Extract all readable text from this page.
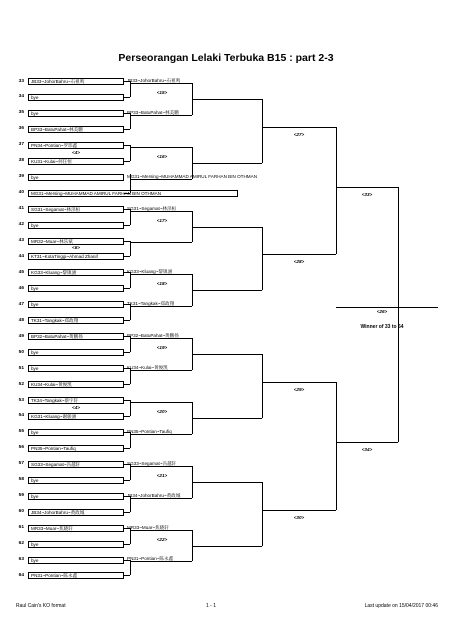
Perseorangan Lelaki Terbuka B15 : part 2-3
33	JB33~JohorBahru~石祖鸣
34	bye
35	bye
36	BP33~BatuPahat~林美鹏
37	PN34~Pontian~罗玮鑫
38	KU31~Kulai~何任恒
39	bye
40	MG31~Mersing~MUHAMMAD AMIRUL FARHAN BIN OTHMAN
41	SG31~Segamat~林泽桓
42	bye
43	MR32~Muar~林乐斌
44	KT31~KotaTinggi~Ahmad Zhanif
45	KG33~Kluang~黎镇涵
46	bye
47	bye
48	TK31~Tangkak~郑政翔
49	BP32~BatuPahat~黄鹏扬
50	bye
51	bye
52	KU34~Kulai~黄俊凯
53	TK34~Tangkak~蔡宇轩
54	KG31~Kluang~谢骏涵
55	bye
56	PN35~Pontian~Taufiq
57	SG33~Segamat~冯越轩
58	bye
59	bye
60	JB34~JohorBahru~黄政城
61	MR33~Muar~焦晓轩
62	bye
63	bye
64	PN31~Pontian~陈永鑫
JB33~JohorBahru~石祖鸣
<15>
BP33~BatuPahat~林美鹏
<16>
MG31~Mersing~MUHAMMAD AMIRUL FARHAN BIN OTHMAN
SG31~Segamat~林泽桓
<17>
KG33~Kluang~黎镇涵
<18>
TK31~Tangkak~郑政翔
BP32~BatuPahat~黄鹏扬
<19>
KU34~Kulai~黄俊凯
<20>
PN35~Pontian~Taufiq
SG33~Segamat~冯越轩
<21>
JB34~JohorBahru~黄政城
MR33~Muar~焦晓轩
<22>
PN31~Pontian~陈永鑫
<4>
<6>
<4>
<27>
<28>
<29>
<30>
<33>
<34>
<26>
Winner of 33 to 64
Raul Cain's KO format	1 - 1	Last update on 15/04/2017 00:46
